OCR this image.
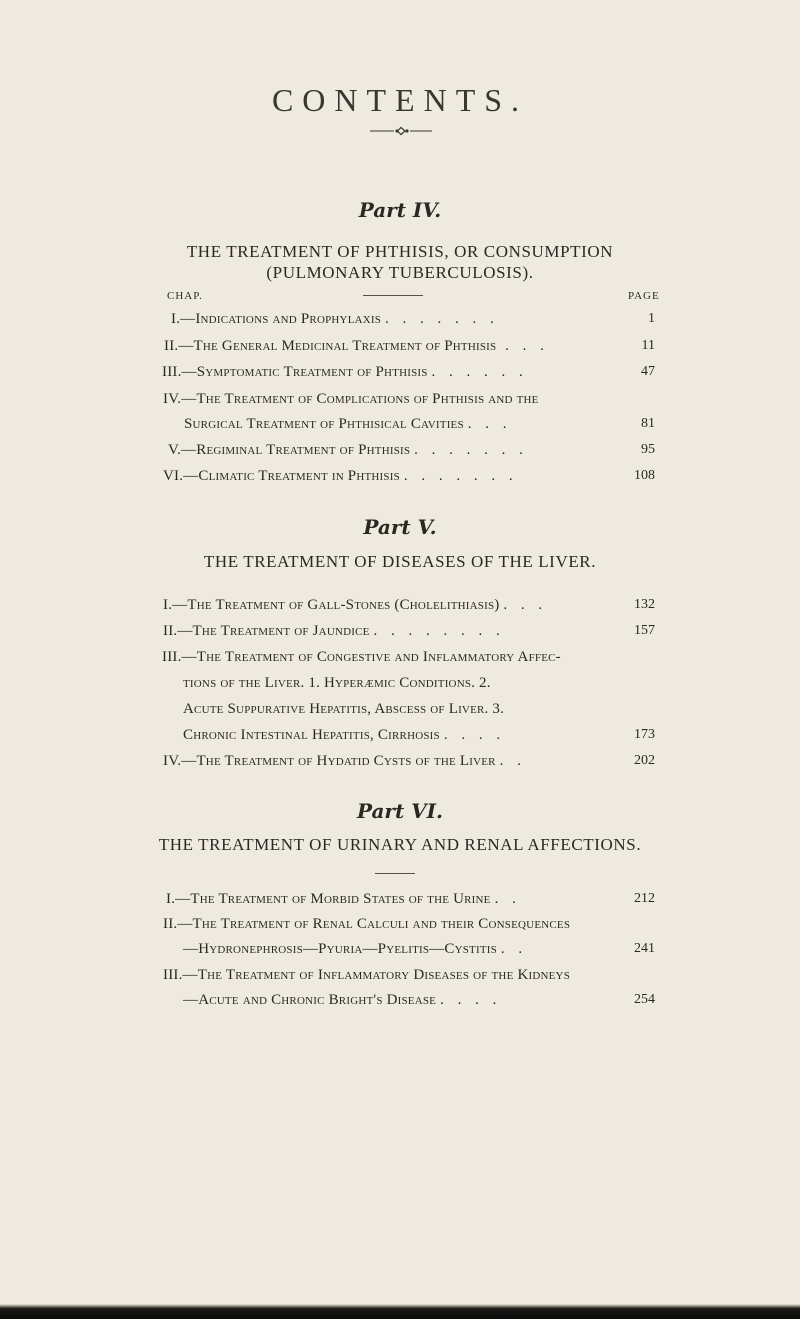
CONTENTS.
Part IV.
THE TREATMENT OF PHTHISIS, OR CONSUMPTION
(PULMONARY TUBERCULOSIS).
CHAP.	PAGE
I.—Indications and Prophylaxis . . . . . . .	1
II.—The General Medicinal Treatment of Phthisis . . .	11
III.—Symptomatic Treatment of Phthisis . . . . . .	47
IV.—The Treatment of Complications of Phthisis and the
Surgical Treatment of Phthisical Cavities . . .	81
V.—Regiminal Treatment of Phthisis . . . . . . .	95
VI.—Climatic Treatment in Phthisis . . . . . . .	108
Part V.
THE TREATMENT OF DISEASES OF THE LIVER.
I.—The Treatment of Gall-Stones (Cholelithiasis) . . .	132
II.—The Treatment of Jaundice . . . . . . . .	157
III.—The Treatment of Congestive and Inflammatory Affec-
tions of the Liver. 1. Hyperæmic Conditions. 2.
Acute Suppurative Hepatitis, Abscess of Liver. 3.
Chronic Intestinal Hepatitis, Cirrhosis . . . .	173
IV.—The Treatment of Hydatid Cysts of the Liver . .	202
Part VI.
THE TREATMENT OF URINARY AND RENAL AFFECTIONS.
I.—The Treatment of Morbid States of the Urine . .	212
II.—The Treatment of Renal Calculi and their Consequences
—Hydronephrosis—Pyuria—Pyelitis—Cystitis . .	241
III.—The Treatment of Inflammatory Diseases of the Kidneys
—Acute and Chronic Bright's Disease . . . .	254
